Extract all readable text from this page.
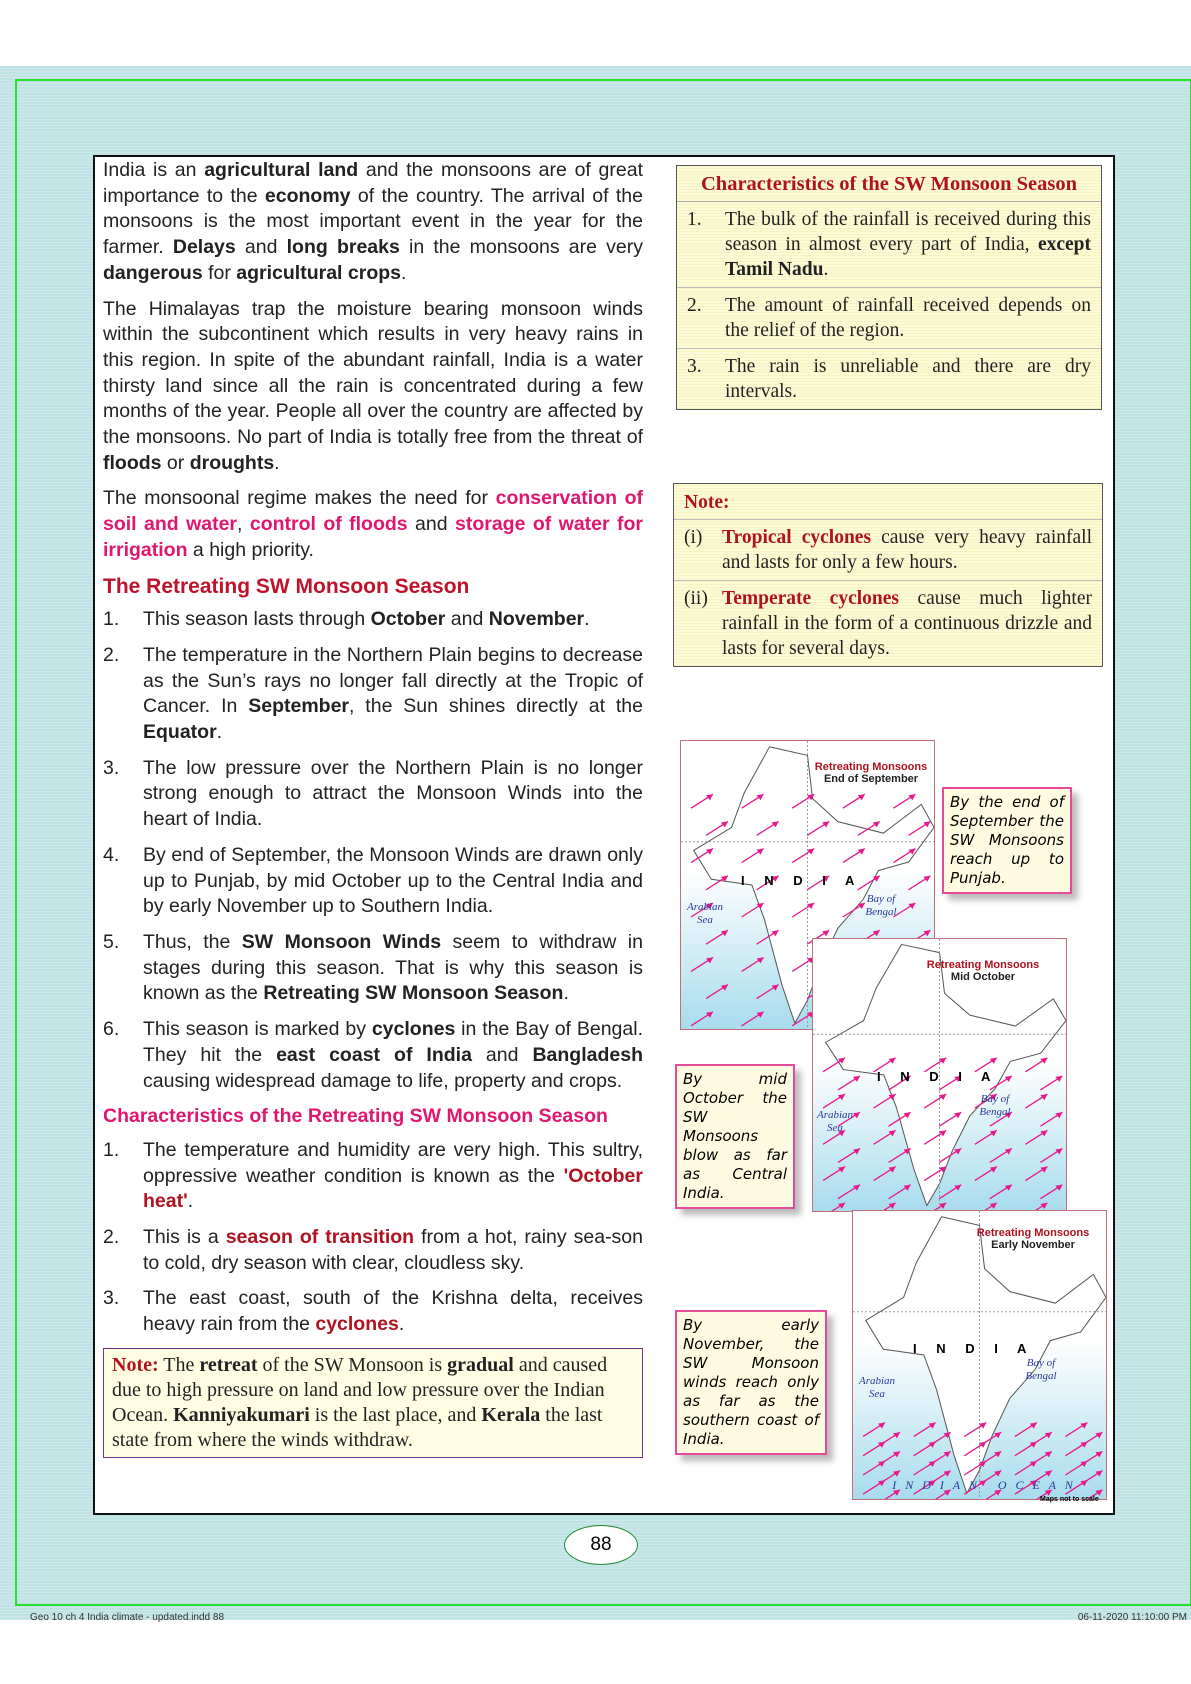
India is an agricultural land and the monsoons are of great importance to the economy of the country. The arrival of the monsoons is the most important event in the year for the farmer. Delays and long breaks in the monsoons are very dangerous for agricultural crops.

The Himalayas trap the moisture bearing monsoon winds within the subcontinent which results in very heavy rains in this region. In spite of the abundant rainfall, India is a water thirsty land since all the rain is concentrated during a few months of the year. People all over the country are affected by the monsoons. No part of India is totally free from the threat of floods or droughts.

The monsoonal regime makes the need for conservation of soil and water, control of floods and storage of water for irrigation a high priority.

The Retreating SW Monsoon Season
1.	This season lasts through October and November.
2.	The temperature in the Northern Plain begins to decrease as the Sun’s rays no longer fall directly at the Tropic of Cancer. In September, the Sun shines directly at the Equator.
3.	The low pressure over the Northern Plain is no longer strong enough to attract the Monsoon Winds into the heart of India.
4.	By end of September, the Monsoon Winds are drawn only up to Punjab, by mid October up to the Central India and by early November up to Southern India.
5.	Thus, the SW Monsoon Winds seem to withdraw in stages during this season. That is why this season is known as the Retreating SW Monsoon Season.
6.	This season is marked by cyclones in the Bay of Bengal. They hit the east coast of India and Bangladesh causing widespread damage to life, property and crops.
Characteristics of the Retreating SW Monsoon Season
1.	The temperature and humidity are very high. This sultry, oppressive weather condition is known as the 'October heat'.
2.	This is a season of transition from a hot, rainy sea-son to cold, dry season with clear, cloudless sky.
3.	The east coast, south of the Krishna delta, receives heavy rain from the cyclones.
Note: The retreat of the SW Monsoon is gradual and caused due to high pressure on land and low pressure over the Indian Ocean. Kanniyakumari is the last place, and Kerala the last state from where the winds withdraw.
Characteristics of the SW Monsoon Season
1.	The bulk of the rainfall is received during this season in almost every part of India, except Tamil Nadu.
2.	The amount of rainfall received depends on the relief of the region.
3.	The rain is unreliable and there are dry intervals.
Note:
(i)	Tropical cyclones cause very heavy rainfall and lasts for only a few hours.
(ii) Temperate cyclones cause much lighter rainfall in the form of a continuous drizzle and lasts for several days.
Retreating Monsoons
End of September
I N D I A
Arabian Sea
Bay of Bengal
By the end of September the SW Monsoons reach up to Punjab.
Retreating Monsoons
Mid October
I N D I A
Arabian Sea
Bay of Bengal
By mid October the SW Monsoons blow as far as Central India.
Retreating Monsoons
Early November
I N D I A
Arabian Sea
Bay of Bengal
I N D I A N   O C E A N
Maps not to scale
By early November, the SW Monsoon winds reach only as far as the southern coast of India.
88
Geo 10 ch 4 India climate - updated.indd 88	06-11-2020 11:10:00 PM
